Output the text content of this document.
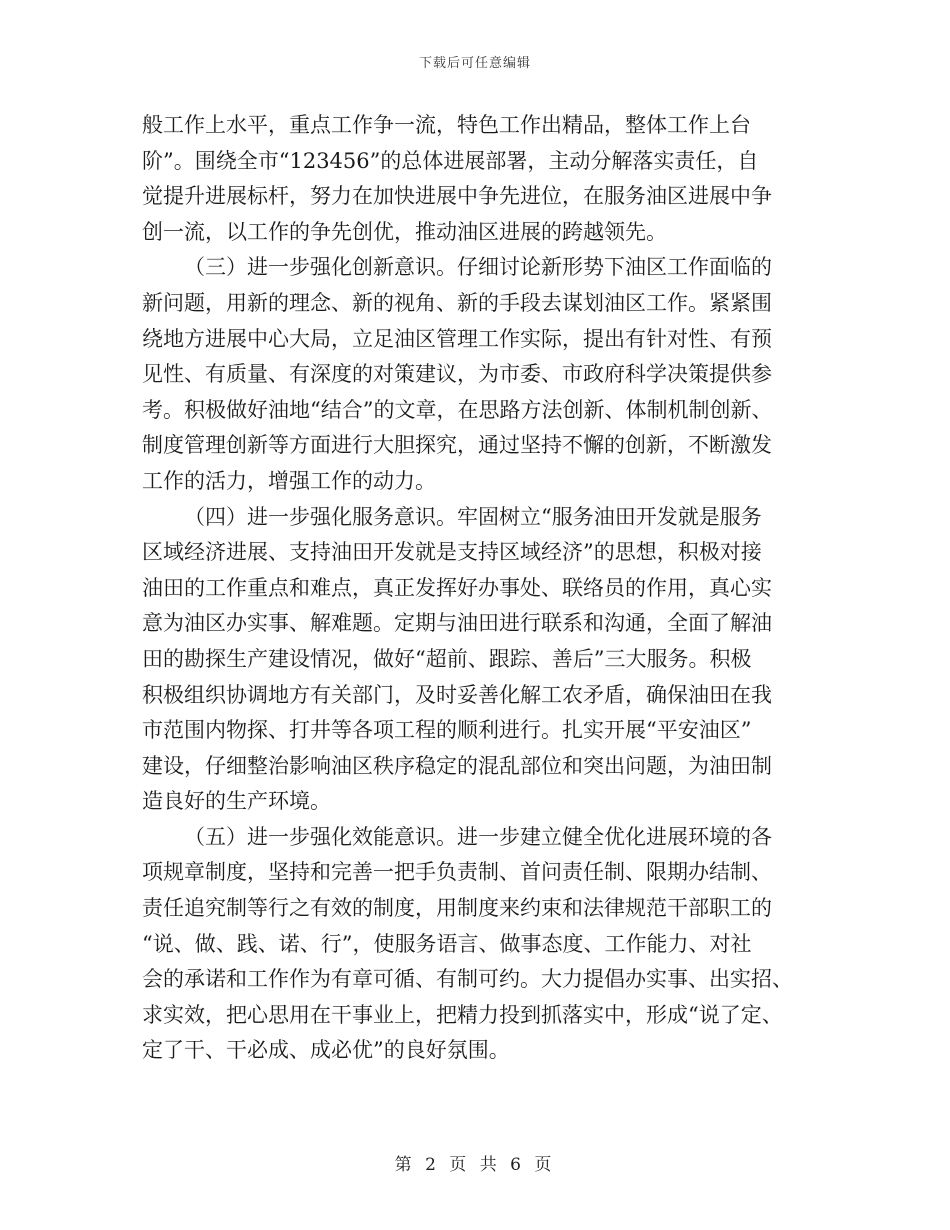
下载后可任意编辑
般工作上水平，重点工作争一流，特色工作出精品，整体工作上台
阶”。围绕全市“123456”的总体进展部署，主动分解落实责任，自
觉提升进展标杆，努力在加快进展中争先进位，在服务油区进展中争
创一流，以工作的争先创优，推动油区进展的跨越领先。
（三）进一步强化创新意识。仔细讨论新形势下油区工作面临的
新问题，用新的理念、新的视角、新的手段去谋划油区工作。紧紧围
绕地方进展中心大局，立足油区管理工作实际，提出有针对性、有预
见性、有质量、有深度的对策建议，为市委、市政府科学决策提供参
考。积极做好油地“结合”的文章，在思路方法创新、体制机制创新、
制度管理创新等方面进行大胆探究，通过坚持不懈的创新，不断激发
工作的活力，增强工作的动力。
（四）进一步强化服务意识。牢固树立“服务油田开发就是服务
区域经济进展、支持油田开发就是支持区域经济”的思想，积极对接
油田的工作重点和难点，真正发挥好办事处、联络员的作用，真心实
意为油区办实事、解难题。定期与油田进行联系和沟通，全面了解油
田的勘探生产建设情况，做好“超前、跟踪、善后”三大服务。积极
积极组织协调地方有关部门，及时妥善化解工农矛盾，确保油田在我
市范围内物探、打井等各项工程的顺利进行。扎实开展“平安油区”
建设，仔细整治影响油区秩序稳定的混乱部位和突出问题，为油田制
造良好的生产环境。
（五）进一步强化效能意识。进一步建立健全优化进展环境的各
项规章制度，坚持和完善一把手负责制、首问责任制、限期办结制、
责任追究制等行之有效的制度，用制度来约束和法律规范干部职工的
“说、做、践、诺、行”，使服务语言、做事态度、工作能力、对社
会的承诺和工作作为有章可循、有制可约。大力提倡办实事、出实招、
求实效，把心思用在干事业上，把精力投到抓落实中，形成“说了定、
定了干、干必成、成必优”的良好氛围。
第 2 页 共 6 页
